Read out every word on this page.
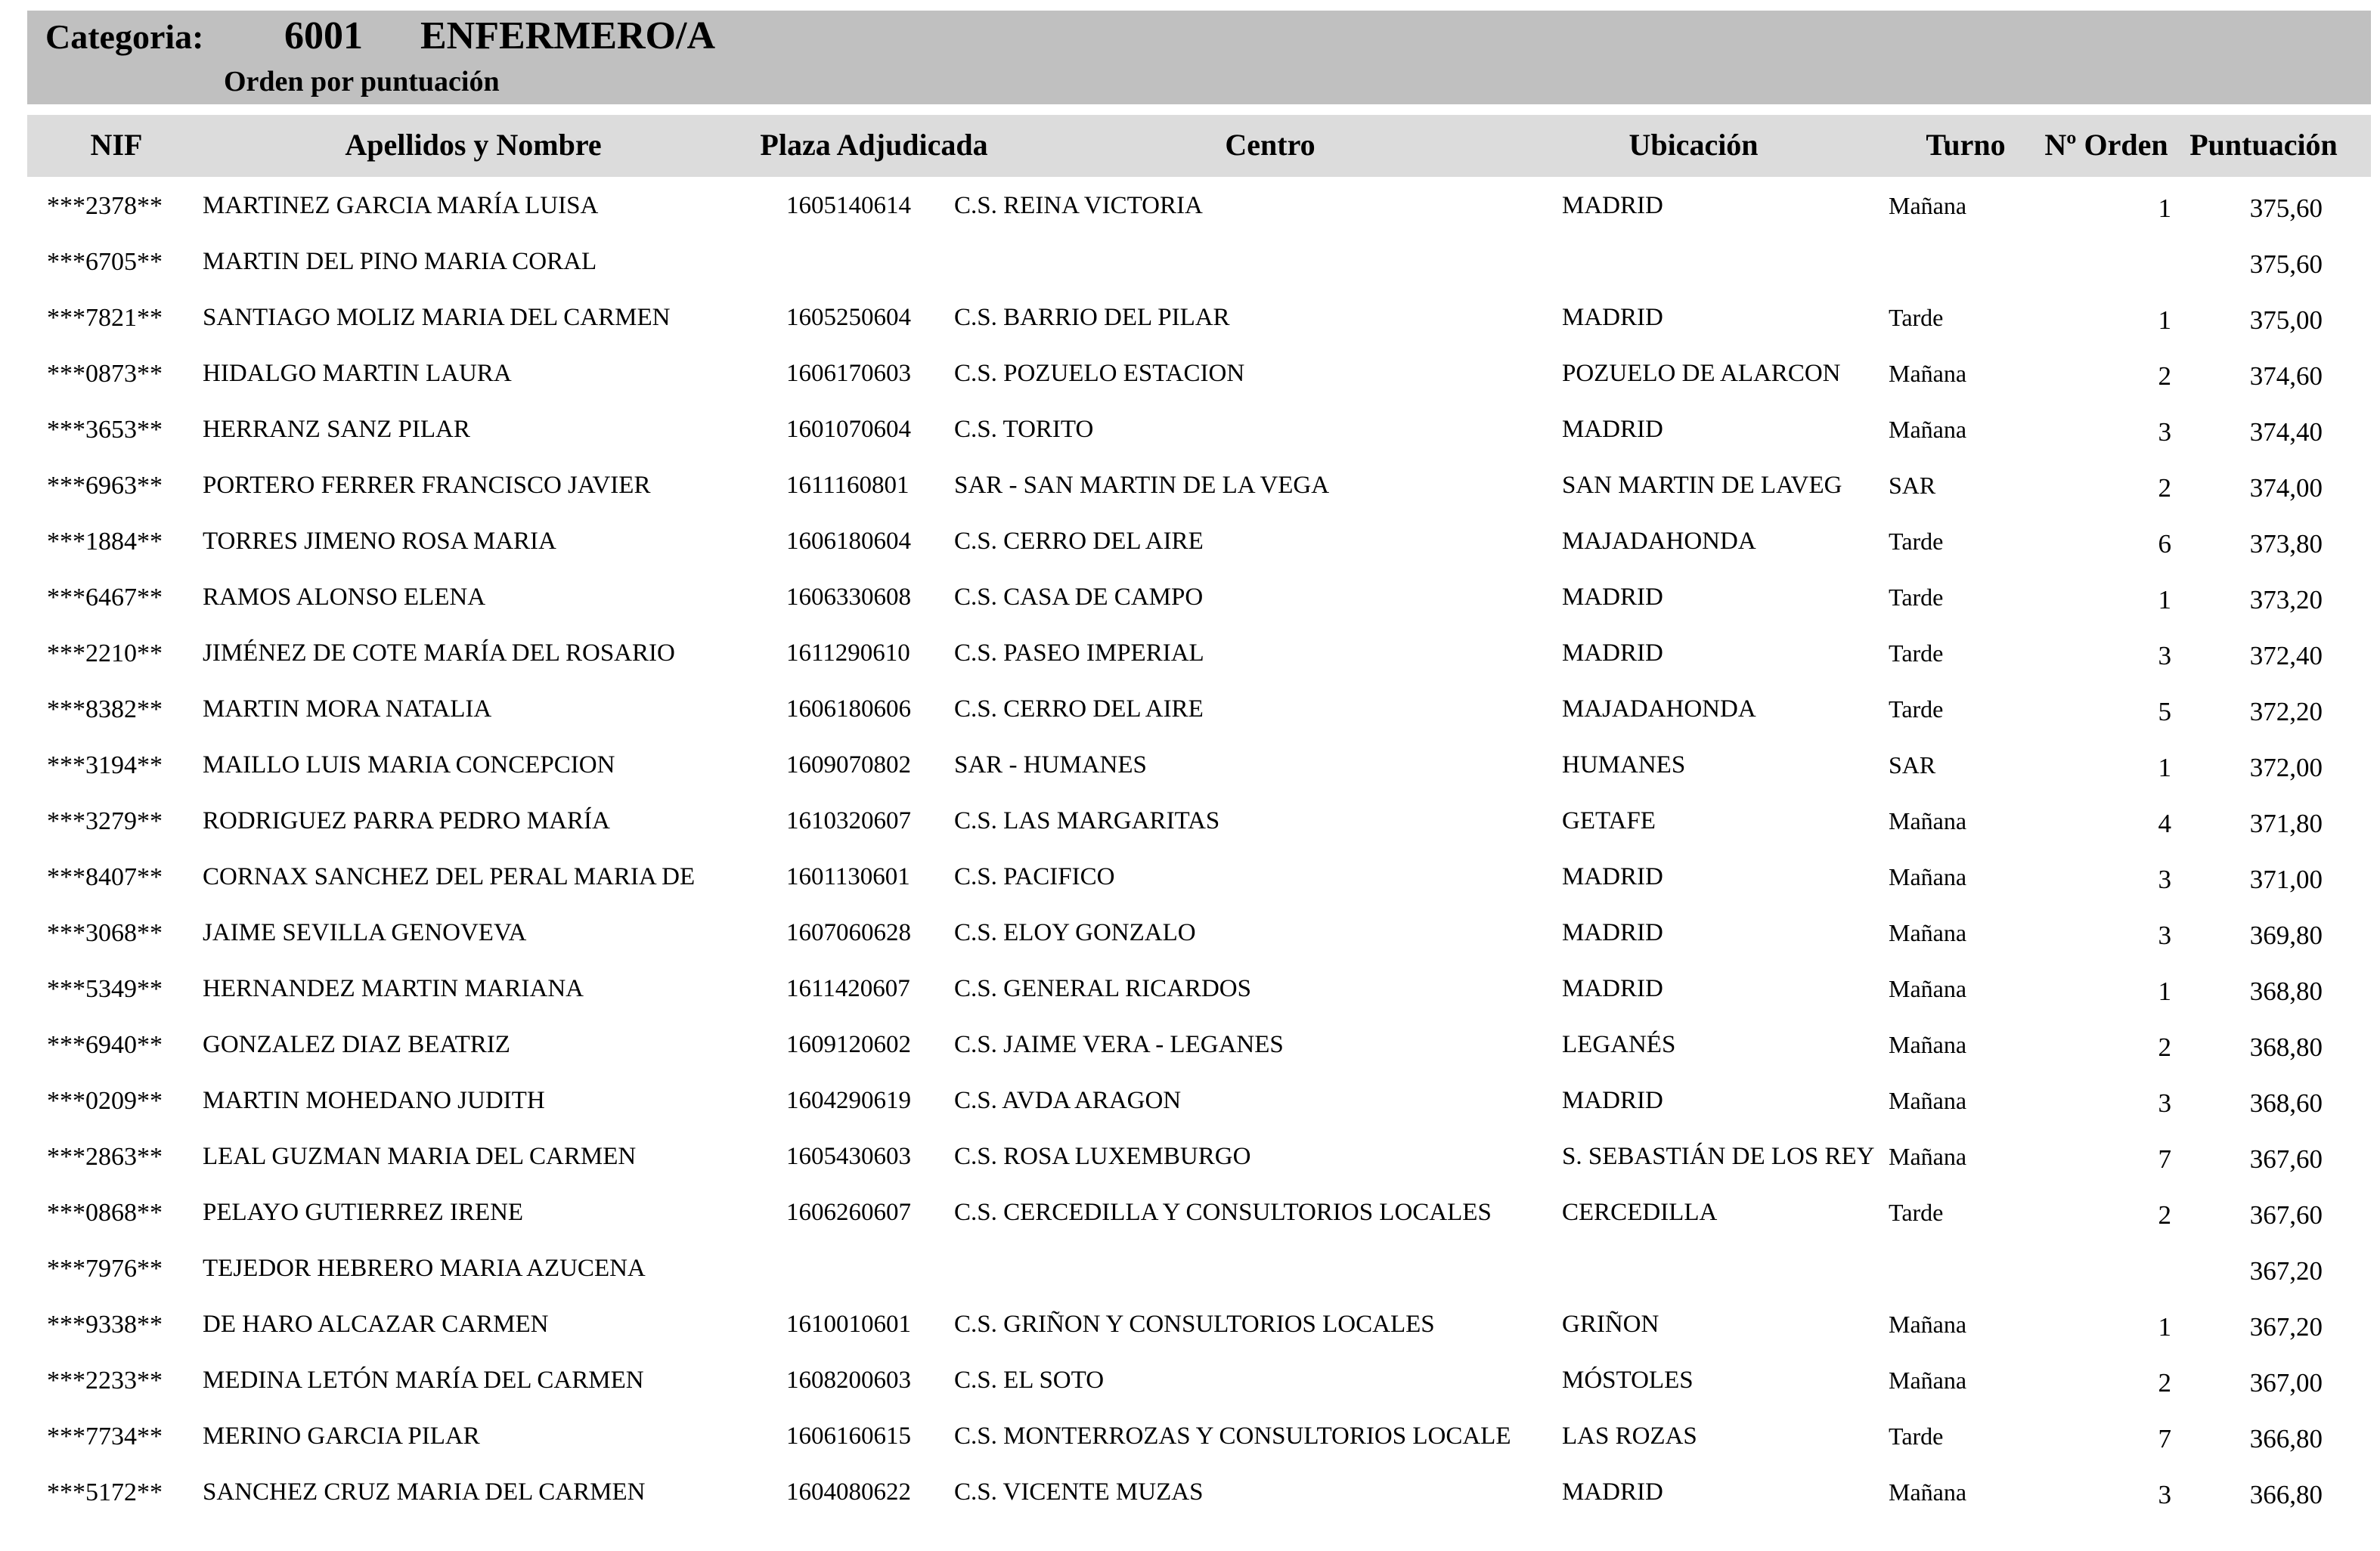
Categoria: 6001 ENFERMERO/A
Orden por puntuación
NIF	Apellidos y Nombre	Plaza Adjudicada	Centro	Ubicación	Turno Nº Orden Puntuación
***2378** MARTINEZ GARCIA MARÍA LUISA	1605140614 C.S. REINA VICTORIA	MADRID	Mañana	1	375,60
***6705** MARTIN DEL PINO MARIA CORAL	375,60
***7821** SANTIAGO MOLIZ MARIA DEL CARMEN	1605250604 C.S. BARRIO DEL PILAR	MADRID	Tarde	1	375,00
***0873** HIDALGO MARTIN LAURA	1606170603 C.S. POZUELO ESTACION	POZUELO DE ALARCON Mañana	2	374,60
***3653** HERRANZ SANZ PILAR	1601070604 C.S. TORITO	MADRID	Mañana	3	374,40
***6963** PORTERO FERRER FRANCISCO JAVIER	1611160801 SAR - SAN MARTIN DE LA VEGA	SAN MARTIN DE LAVEG SAR	2	374,00
***1884** TORRES JIMENO ROSA MARIA	1606180604 C.S. CERRO DEL AIRE	MAJADAHONDA	Tarde	6	373,80
***6467** RAMOS ALONSO ELENA	1606330608 C.S. CASA DE CAMPO	MADRID	Tarde	1	373,20
***2210** JIMÉNEZ DE COTE MARÍA DEL ROSARIO	1611290610 C.S. PASEO IMPERIAL	MADRID	Tarde	3	372,40
***8382** MARTIN MORA NATALIA	1606180606 C.S. CERRO DEL AIRE	MAJADAHONDA	Tarde	5	372,20
***3194** MAILLO LUIS MARIA CONCEPCION	1609070802 SAR - HUMANES	HUMANES	SAR	1	372,00
***3279** RODRIGUEZ PARRA PEDRO MARÍA	1610320607 C.S. LAS MARGARITAS	GETAFE	Mañana	4	371,80
***8407** CORNAX SANCHEZ DEL PERAL MARIA DE	1601130601 C.S. PACIFICO	MADRID	Mañana	3	371,00
***3068** JAIME SEVILLA GENOVEVA	1607060628 C.S. ELOY GONZALO	MADRID	Mañana	3	369,80
***5349** HERNANDEZ MARTIN MARIANA	1611420607 C.S. GENERAL RICARDOS	MADRID	Mañana	1	368,80
***6940** GONZALEZ DIAZ BEATRIZ	1609120602 C.S. JAIME VERA - LEGANES	LEGANÉS	Mañana	2	368,80
***0209** MARTIN MOHEDANO JUDITH	1604290619 C.S. AVDA ARAGON	MADRID	Mañana	3	368,60
***2863** LEAL GUZMAN MARIA DEL CARMEN	1605430603 C.S. ROSA LUXEMBURGO	S. SEBASTIÁN DE LOS REY Mañana	7	367,60
***0868** PELAYO GUTIERREZ IRENE	1606260607 C.S. CERCEDILLA Y CONSULTORIOS LOCALES	CERCEDILLA	Tarde	2	367,60
***7976** TEJEDOR HEBRERO MARIA AZUCENA	367,20
***9338** DE HARO ALCAZAR CARMEN	1610010601 C.S. GRIÑON Y CONSULTORIOS LOCALES	GRIÑON	Mañana	1	367,20
***2233** MEDINA LETÓN MARÍA DEL CARMEN	1608200603 C.S. EL SOTO	MÓSTOLES	Mañana	2	367,00
***7734** MERINO GARCIA PILAR	1606160615 C.S. MONTERROZAS Y CONSULTORIOS LOCALE LAS ROZAS	Tarde	7	366,80
***5172** SANCHEZ CRUZ MARIA DEL CARMEN	1604080622 C.S. VICENTE MUZAS	MADRID	Mañana	3	366,80
